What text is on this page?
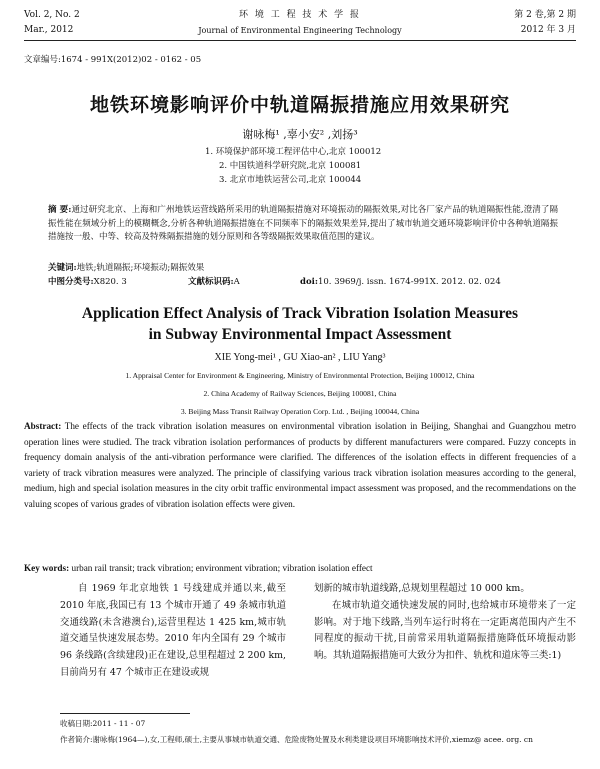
Vol. 2, No. 2
Mar., 2012
环 境 工 程 技 术 学 报
Journal of Environmental Engineering Technology
第 2 卷,第 2 期
2012 年 3 月
文章编号:1674 - 991X(2012)02 - 0162 - 05
地铁环境影响评价中轨道隔振措施应用效果研究
谢咏梅¹ ,辜小安² ,刘扬³
1. 环境保护部环境工程评估中心,北京 100012
2. 中国铁道科学研究院,北京 100081
3. 北京市地铁运营公司,北京 100044
摘 要:通过研究北京、上海和广州地铁运营线路所采用的轨道隔振措施对环境振动的隔振效果,对比各厂家产品的轨道隔振性能,澄清了隔振性能在频域分析上的模糊概念,分析各种轨道隔振措施在不同频率下的隔振效果差异,提出了城市轨道交通环境影响评价中各种轨道隔振措施按一般、中等、较高及特殊隔振措施的划分原则和各等级隔振效果取值范围的建议。
关键词:地铁;轨道隔振;环境振动;隔振效果
中图分类号:X820. 3	文献标识码:A	doi:10. 3969/j. issn. 1674-991X. 2012. 02. 024
Application Effect Analysis of Track Vibration Isolation Measures
in Subway Environmental Impact Assessment
XIE Yong-mei¹ , GU Xiao-an² , LIU Yang³
1. Appraisal Center for Environment & Engineering, Ministry of Environmental Protection, Beijing 100012, China
2. China Academy of Railway Sciences, Beijing 100081, China
3. Beijing Mass Transit Railway Operation Corp. Ltd. , Beijing 100044, China
Abstract: The effects of the track vibration isolation measures on environmental vibration isolation in Beijing, Shanghai and Guangzhou metro operation lines were studied. The track vibration isolation performances of products by different manufacturers were compared. Fuzzy concepts in frequency domain analysis of the anti-vibration performance were clarified. The differences of the isolation effects in different frequencies of a variety of track vibration measures were analyzed. The principle of classifying various track vibration isolation measures according to the general, medium, high and special isolation measures in the city orbit traffic environmental impact assessment was proposed, and the recommendations on the valuing scopes of various grades of vibration isolation effects were given.
Key words: urban rail transit; track vibration; environment vibration; vibration isolation effect
自 1969 年北京地铁 1 号线建成并通以来,截至 2010 年底,我国已有 13 个城市开通了 49 条城市轨道交通线路(未含港澳台),运营里程达 1 425 km,城市轨道交通呈快速发展态势。2010 年内全国有 29 个城市 96 条线路(含续建段)正在建设,总里程超过 2 200 km,目前尚另有 47 个城市正在建设或规
划新的城市轨道线路,总规划里程超过 10 000 km。
在城市轨道交通快速发展的同时,也给城市环境带来了一定影响。对于地下线路,当列车运行时将在一定距离范围内产生不同程度的振动干扰,目前常采用轨道隔振措施降低环境振动影响。其轨道隔振措施可大致分为扣件、轨枕和道床等三类:1)
收稿日期:2011 - 11 - 07
作者简介:谢咏梅(1964—),女,工程师,硕士,主要从事城市轨道交通、危险废物处置及水利类建设项目环境影响技术评价,xiemz@ acee. org. cn
